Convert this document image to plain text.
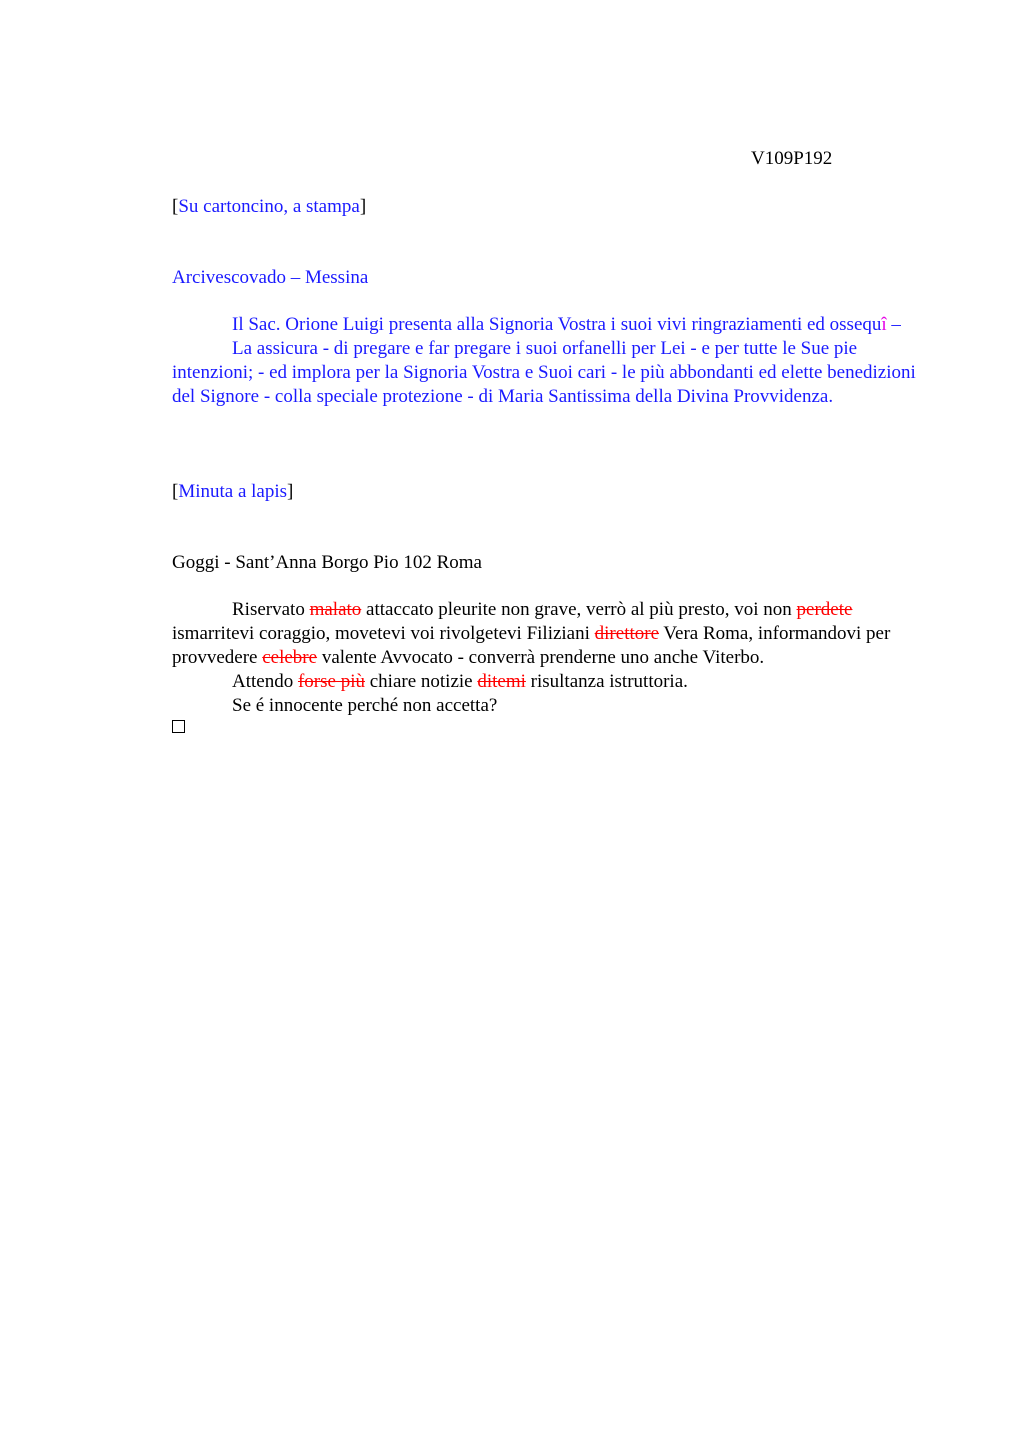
V109P192
[Su cartoncino, a stampa]
Arcivescovado – Messina

Il Sac. Orione Luigi presenta alla Signoria Vostra i suoi vivi ringraziamenti ed ossequî –

La assicura - di pregare e far pregare i suoi orfanelli per Lei - e per tutte le Sue pie intenzioni; - ed implora per la Signoria Vostra e Suoi cari - le più abbondanti ed elette benedizioni del Signore - colla speciale protezione - di Maria Santissima della Divina Provvidenza.

[Minuta a lapis]
Goggi - Sant’Anna Borgo Pio 102 Roma

Riservato malato attaccato pleurite non grave, verrò al più presto, voi non perdete ismarritevi coraggio, movetevi voi rivolgetevi Filiziani direttore Vera Roma, informandovi per provvedere celebre valente Avvocato - converrà prenderne uno anche Viterbo.

Attendo forse più chiare notizie ditemi risultanza istruttoria.

Se é innocente perché non accetta?
